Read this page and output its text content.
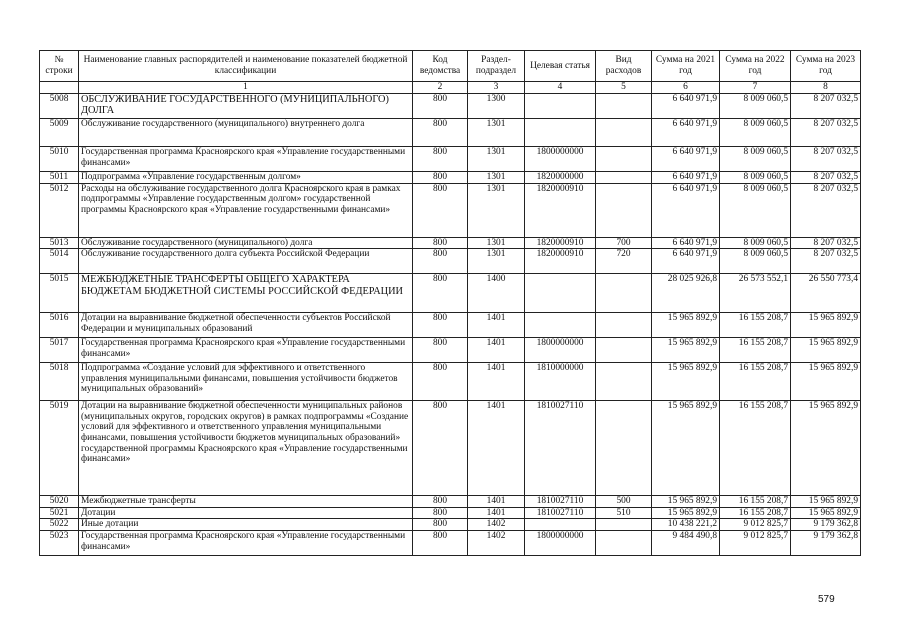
№ строки	Наименование главных распорядителей и наименование показателей бюджетной классификации	Код ведомства	Раздел-подраздел	Целевая статья	Вид расходов	Сумма на 2021 год	Сумма на 2022 год	Сумма на 2023 год
	1	2	3	4	5	6	7	8
5008	ОБСЛУЖИВАНИЕ ГОСУДАРСТВЕННОГО (МУНИЦИПАЛЬНОГО) ДОЛГА	800	1300			6 640 971,9	8 009 060,5	8 207 032,5
5009	Обслуживание государственного (муниципального) внутреннего долга	800	1301			6 640 971,9	8 009 060,5	8 207 032,5
5010	Государственная программа Красноярского края «Управление государственными финансами»	800	1301	1800000000		6 640 971,9	8 009 060,5	8 207 032,5
5011	Подпрограмма «Управление государственным долгом»	800	1301	1820000000		6 640 971,9	8 009 060,5	8 207 032,5
5012	Расходы на обслуживание государственного долга Красноярского края в рамках подпрограммы «Управление государственным долгом» государственной программы Красноярского края «Управление государственными финансами»	800	1301	1820000910		6 640 971,9	8 009 060,5	8 207 032,5
5013	Обслуживание государственного (муниципального) долга	800	1301	1820000910	700	6 640 971,9	8 009 060,5	8 207 032,5
5014	Обслуживание государственного долга субъекта Российской Федерации	800	1301	1820000910	720	6 640 971,9	8 009 060,5	8 207 032,5
5015	МЕЖБЮДЖЕТНЫЕ ТРАНСФЕРТЫ ОБЩЕГО ХАРАКТЕРА БЮДЖЕТАМ БЮДЖЕТНОЙ СИСТЕМЫ РОССИЙСКОЙ ФЕДЕРАЦИИ	800	1400			28 025 926,8	26 573 552,1	26 550 773,4
5016	Дотации на выравнивание бюджетной обеспеченности субъектов Российской Федерации и муниципальных образований	800	1401			15 965 892,9	16 155 208,7	15 965 892,9
5017	Государственная программа Красноярского края «Управление государственными финансами»	800	1401	1800000000		15 965 892,9	16 155 208,7	15 965 892,9
5018	Подпрограмма «Создание условий для эффективного и ответственного управления муниципальными финансами, повышения устойчивости бюджетов муниципальных образований»	800	1401	1810000000		15 965 892,9	16 155 208,7	15 965 892,9
5019	Дотации на выравнивание бюджетной обеспеченности муниципальных районов (муниципальных округов, городских округов) в рамках подпрограммы «Создание условий для эффективного и ответственного управления муниципальными финансами, повышения устойчивости бюджетов муниципальных образований» государственной программы Красноярского края «Управление государственными финансами»	800	1401	1810027110		15 965 892,9	16 155 208,7	15 965 892,9
5020	Межбюджетные трансферты	800	1401	1810027110	500	15 965 892,9	16 155 208,7	15 965 892,9
5021	Дотации	800	1401	1810027110	510	15 965 892,9	16 155 208,7	15 965 892,9
5022	Иные дотации	800	1402			10 438 221,2	9 012 825,7	9 179 362,8
5023	Государственная программа Красноярского края «Управление государственными финансами»	800	1402	1800000000		9 484 490,8	9 012 825,7	9 179 362,8
579
